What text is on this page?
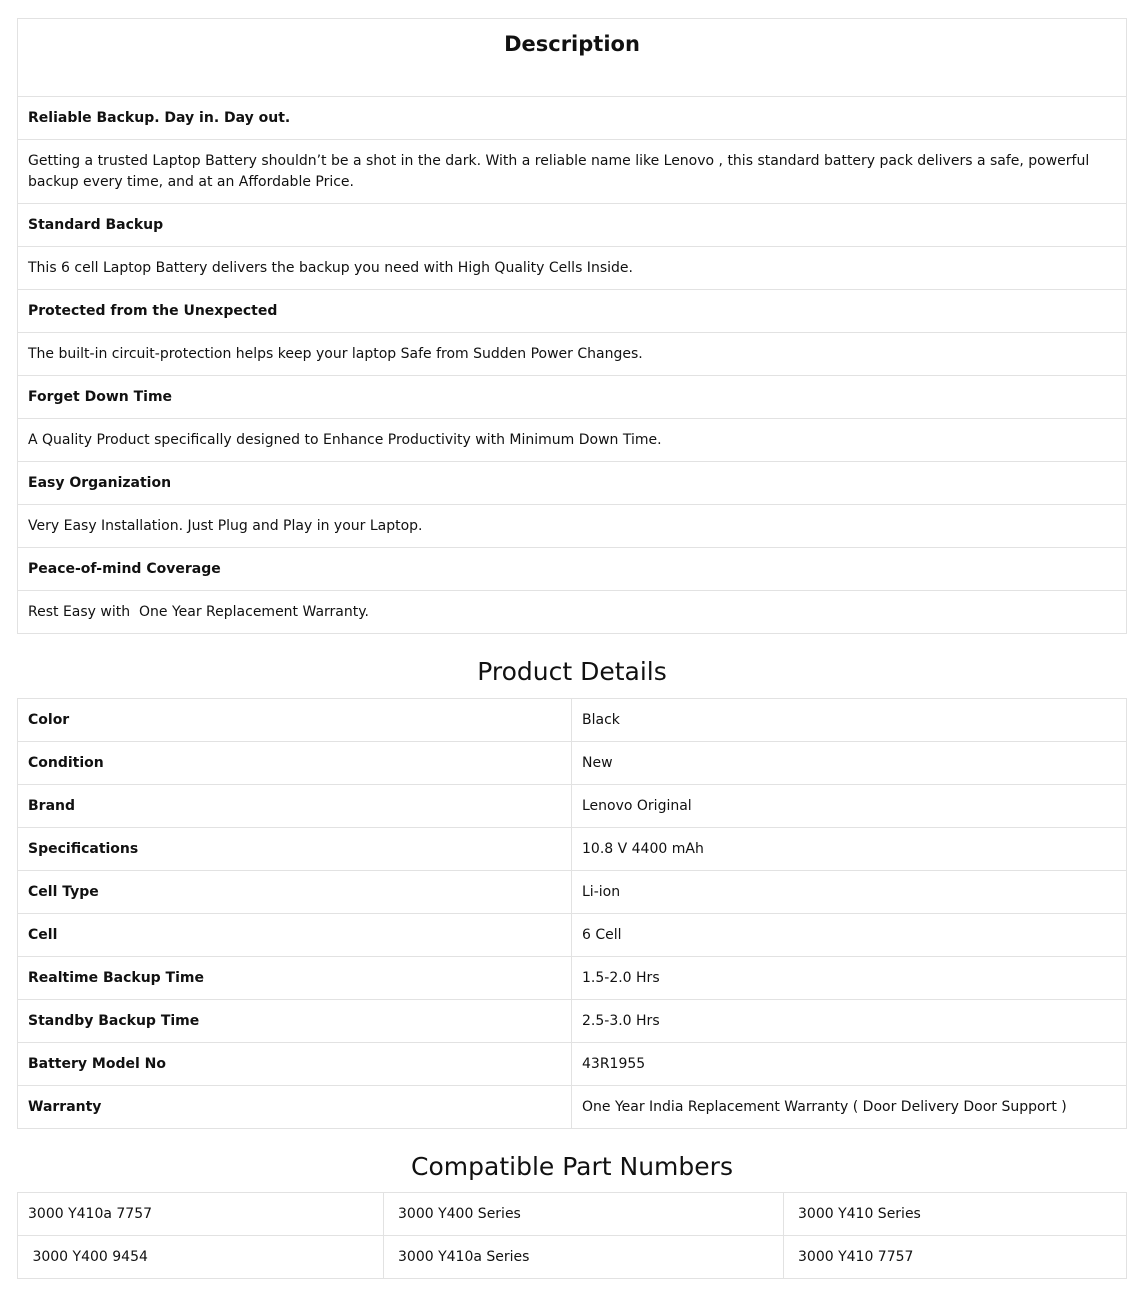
Description
Reliable Backup. Day in. Day out.
Getting a trusted Laptop Battery shouldn’t be a shot in the dark. With a reliable name like Lenovo , this standard battery pack delivers a safe, powerful backup every time, and at an Affordable Price.
Standard Backup
This 6 cell Laptop Battery delivers the backup you need with High Quality Cells Inside.
Protected from the Unexpected
The built-in circuit-protection helps keep your laptop Safe from Sudden Power Changes.
Forget Down Time
A Quality Product specifically designed to Enhance Productivity with Minimum Down Time.
Easy Organization
Very Easy Installation. Just Plug and Play in your Laptop.
Peace-of-mind Coverage
Rest Easy with  One Year Replacement Warranty.
Product Details
Color	Black
Condition	New
Brand	Lenovo Original
Specifications	10.8 V 4400 mAh
Cell Type	Li-ion
Cell	6 Cell
Realtime Backup Time	1.5-2.0 Hrs
Standby Backup Time	2.5-3.0 Hrs
Battery Model No	43R1955
Warranty	One Year India Replacement Warranty ( Door Delivery Door Support )
Compatible Part Numbers
3000 Y410a 7757	3000 Y400 Series	3000 Y410 Series
3000 Y400 9454	3000 Y410a Series	3000 Y410 7757
